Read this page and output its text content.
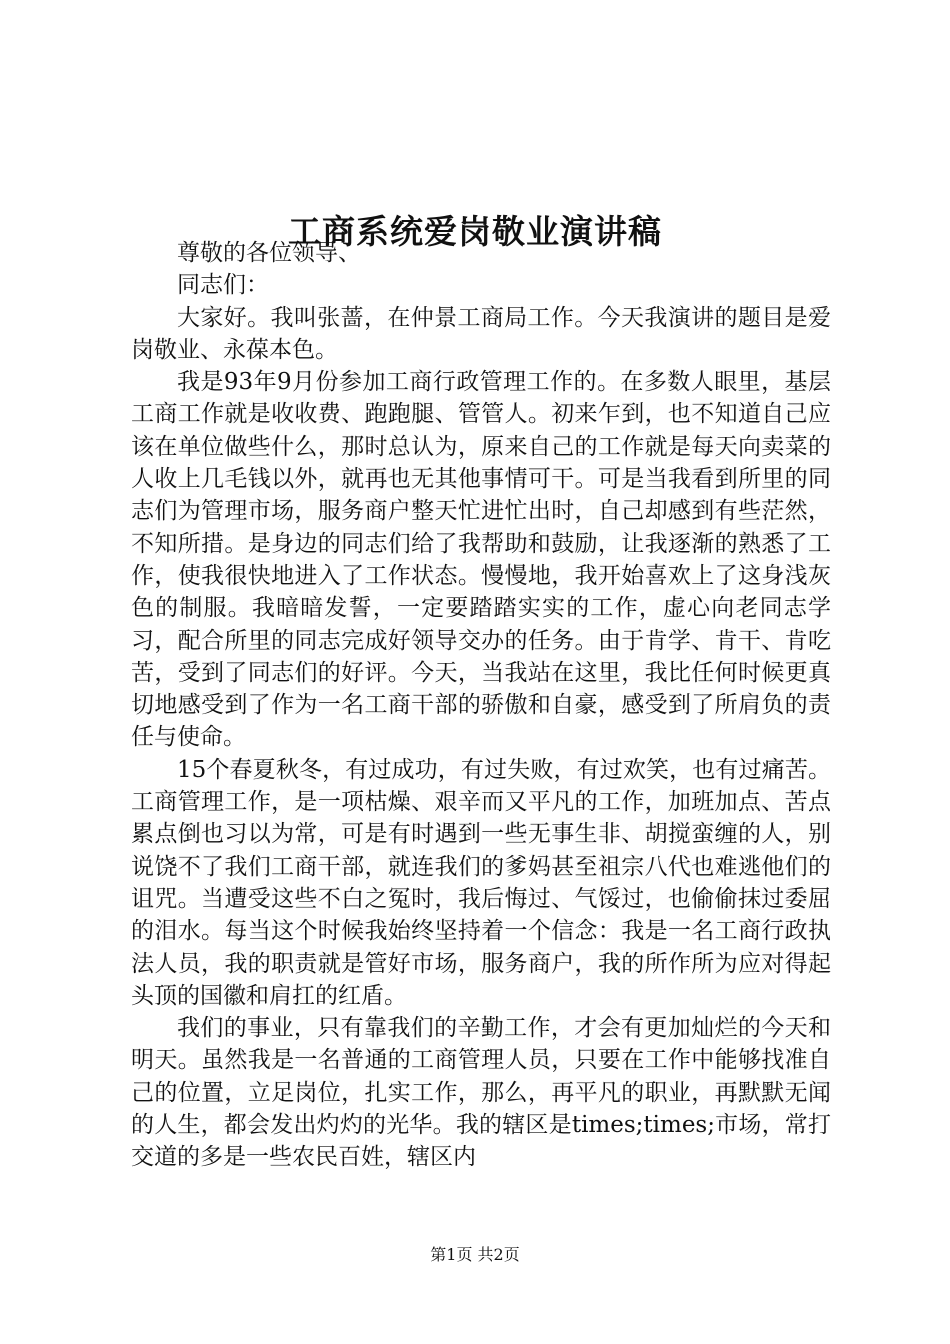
工商系统爱岗敬业演讲稿

尊敬的各位领导、

同志们：

大家好。我叫张蔷，在仲景工商局工作。今天我演讲的题目是爱岗敬业、永葆本色。

我是93年9月份参加工商行政管理工作的。在多数人眼里，基层工商工作就是收收费、跑跑腿、管管人。初来乍到，也不知道自己应该在单位做些什么，那时总认为，原来自己的工作就是每天向卖菜的人收上几毛钱以外，就再也无其他事情可干。可是当我看到所里的同志们为管理市场，服务商户整天忙进忙出时，自己却感到有些茫然，不知所措。是身边的同志们给了我帮助和鼓励，让我逐渐的熟悉了工作，使我很快地进入了工作状态。慢慢地，我开始喜欢上了这身浅灰色的制服。我暗暗发誓，一定要踏踏实实的工作，虚心向老同志学习，配合所里的同志完成好领导交办的任务。由于肯学、肯干、肯吃苦，受到了同志们的好评。今天，当我站在这里，我比任何时候更真切地感受到了作为一名工商干部的骄傲和自豪，感受到了所肩负的责任与使命。

15个春夏秋冬，有过成功，有过失败，有过欢笑，也有过痛苦。工商管理工作，是一项枯燥、艰辛而又平凡的工作，加班加点、苦点累点倒也习以为常，可是有时遇到一些无事生非、胡搅蛮缠的人，别说饶不了我们工商干部，就连我们的爹妈甚至祖宗八代也难逃他们的诅咒。当遭受这些不白之冤时，我后悔过、气馁过，也偷偷抹过委屈的泪水。每当这个时候我始终坚持着一个信念：我是一名工商行政执法人员，我的职责就是管好市场，服务商户，我的所作所为应对得起头顶的国徽和肩扛的红盾。

我们的事业，只有靠我们的辛勤工作，才会有更加灿烂的今天和明天。虽然我是一名普通的工商管理人员，只要在工作中能够找准自己的位置，立足岗位，扎实工作，那么，再平凡的职业，再默默无闻的人生，都会发出灼灼的光华。我的辖区是times;times;市场，常打交道的多是一些农民百姓，辖区内

第1页 共2页
